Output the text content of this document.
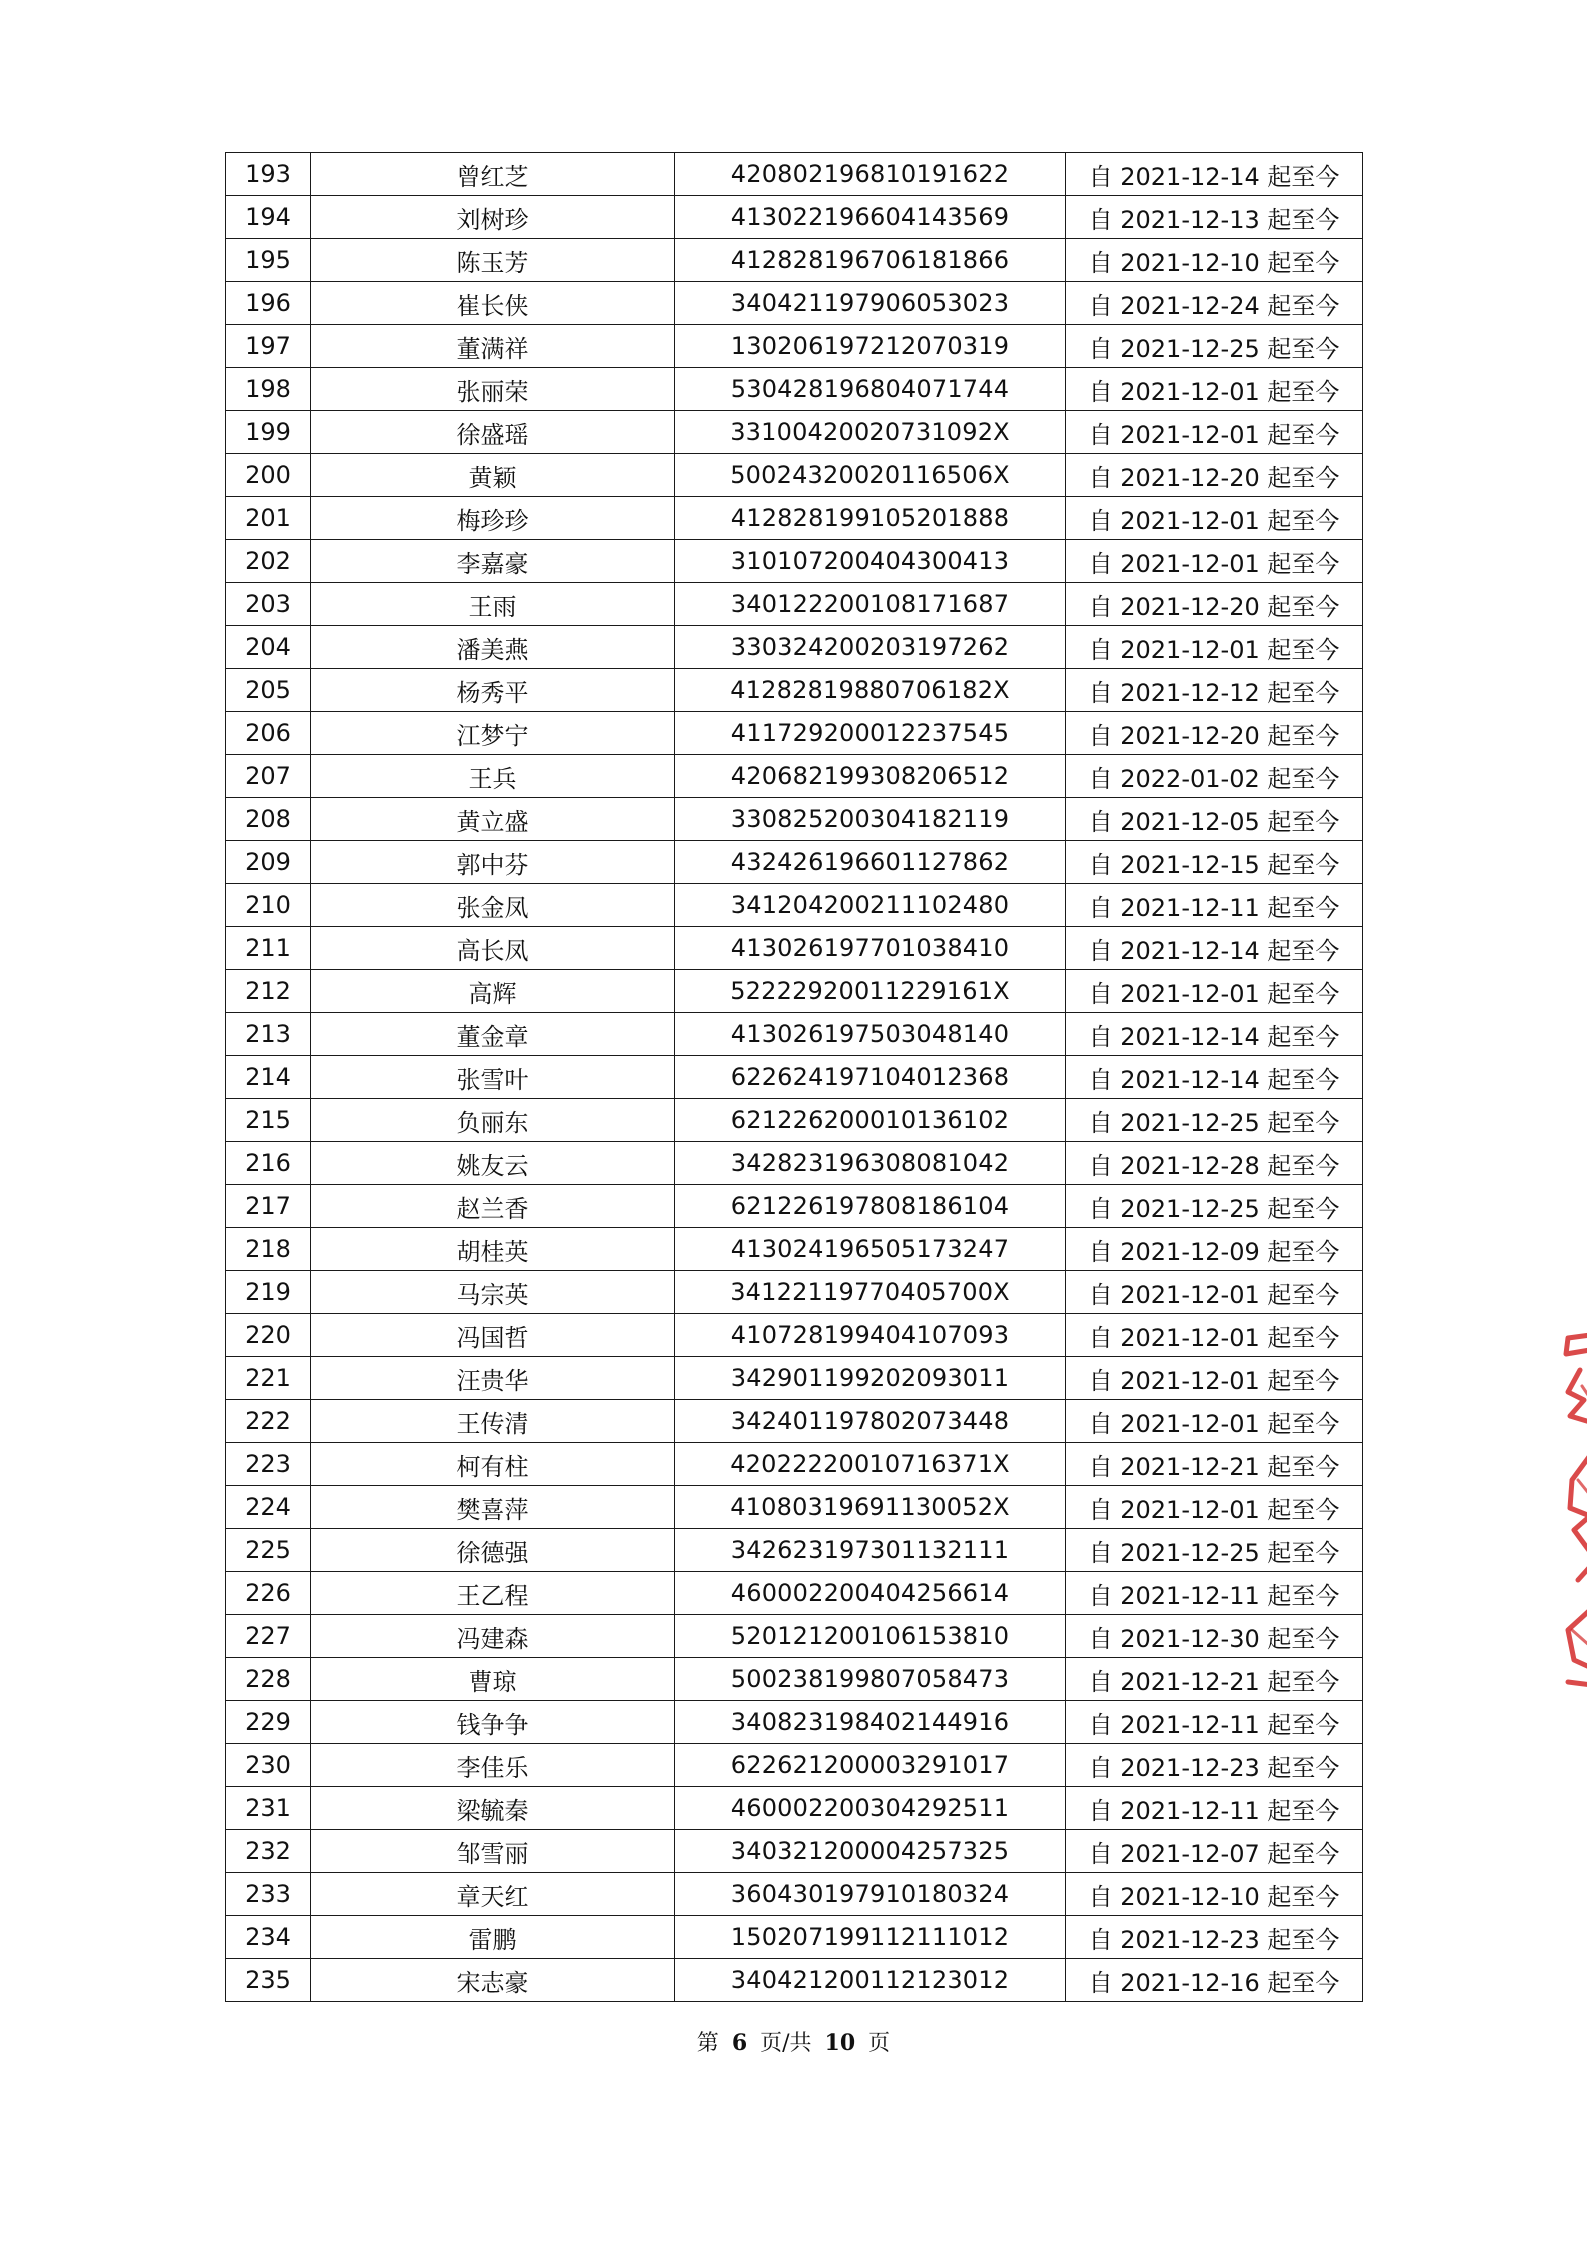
193	曾红芝	420802196810191622	自 2021-12-14 起至今
194	刘树珍	413022196604143569	自 2021-12-13 起至今
195	陈玉芳	412828196706181866	自 2021-12-10 起至今
196	崔长侠	340421197906053023	自 2021-12-24 起至今
197	董满祥	130206197212070319	自 2021-12-25 起至今
198	张丽荣	530428196804071744	自 2021-12-01 起至今
199	徐盛瑶	33100420020731092X	自 2021-12-01 起至今
200	黄颖	50024320020116506X	自 2021-12-20 起至今
201	梅珍珍	412828199105201888	自 2021-12-01 起至今
202	李嘉豪	310107200404300413	自 2021-12-01 起至今
203	王雨	340122200108171687	自 2021-12-20 起至今
204	潘美燕	330324200203197262	自 2021-12-01 起至今
205	杨秀平	41282819880706182X	自 2021-12-12 起至今
206	江梦宁	411729200012237545	自 2021-12-20 起至今
207	王兵	420682199308206512	自 2022-01-02 起至今
208	黄立盛	330825200304182119	自 2021-12-05 起至今
209	郭中芬	432426196601127862	自 2021-12-15 起至今
210	张金凤	341204200211102480	自 2021-12-11 起至今
211	高长凤	413026197701038410	自 2021-12-14 起至今
212	高辉	52222920011229161X	自 2021-12-01 起至今
213	董金章	413026197503048140	自 2021-12-14 起至今
214	张雪叶	622624197104012368	自 2021-12-14 起至今
215	负丽东	621226200010136102	自 2021-12-25 起至今
216	姚友云	342823196308081042	自 2021-12-28 起至今
217	赵兰香	621226197808186104	自 2021-12-25 起至今
218	胡桂英	413024196505173247	自 2021-12-09 起至今
219	马宗英	34122119770405700X	自 2021-12-01 起至今
220	冯国哲	410728199404107093	自 2021-12-01 起至今
221	汪贵华	342901199202093011	自 2021-12-01 起至今
222	王传清	342401197802073448	自 2021-12-01 起至今
223	柯有柱	42022220010716371X	自 2021-12-21 起至今
224	樊喜萍	41080319691130052X	自 2021-12-01 起至今
225	徐德强	342623197301132111	自 2021-12-25 起至今
226	王乙程	460002200404256614	自 2021-12-11 起至今
227	冯建森	520121200106153810	自 2021-12-30 起至今
228	曹琼	500238199807058473	自 2021-12-21 起至今
229	钱争争	340823198402144916	自 2021-12-11 起至今
230	李佳乐	622621200003291017	自 2021-12-23 起至今
231	梁毓秦	460002200304292511	自 2021-12-11 起至今
232	邹雪丽	340321200004257325	自 2021-12-07 起至今
233	章天红	360430197910180324	自 2021-12-10 起至今
234	雷鹏	150207199112111012	自 2021-12-23 起至今
235	宋志豪	340421200112123012	自 2021-12-16 起至今
第 6 页/共 10 页
